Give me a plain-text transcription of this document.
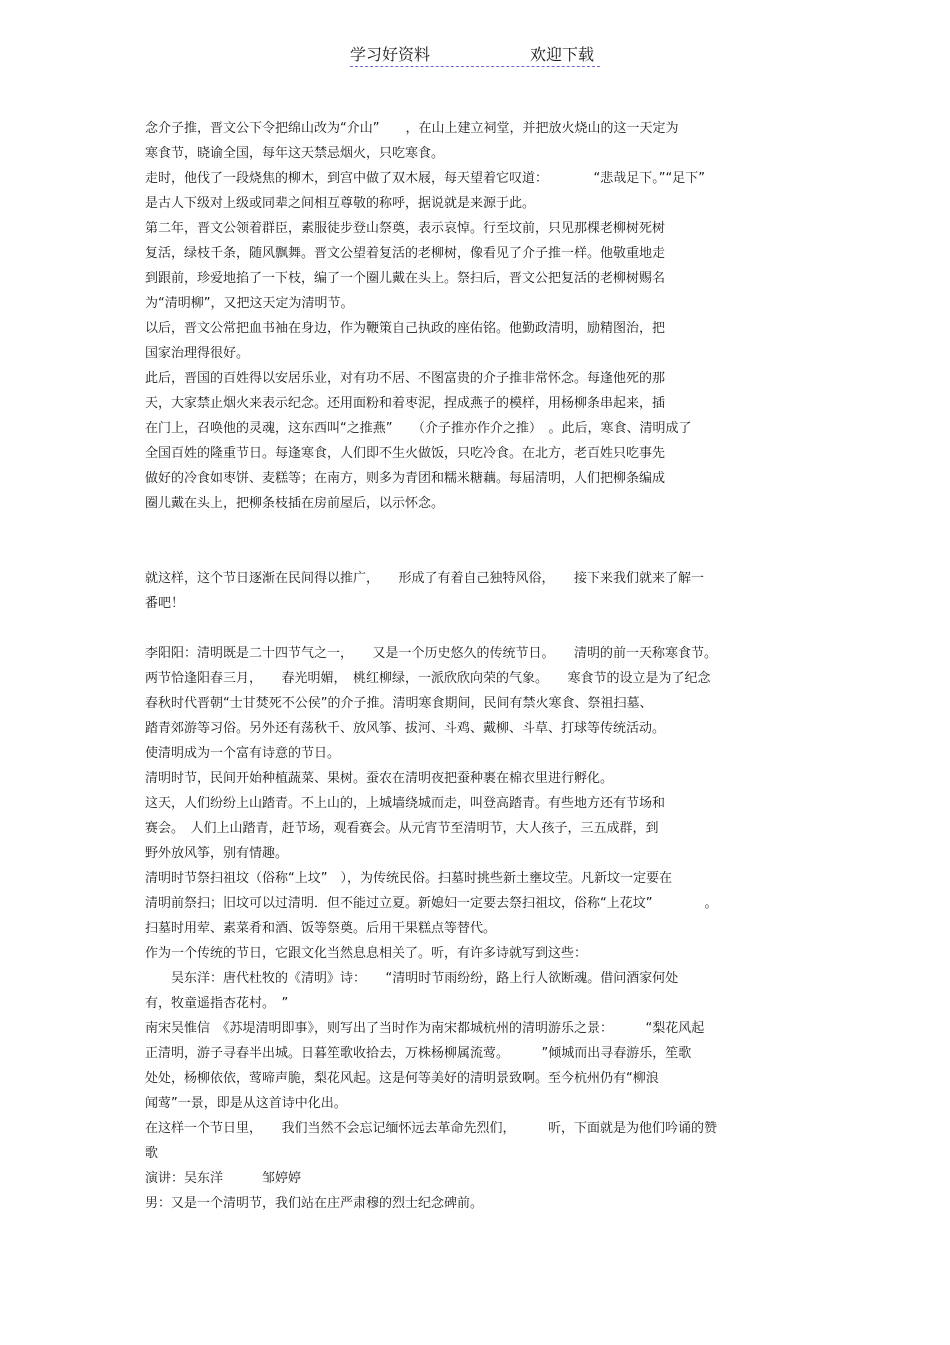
学习好资料	欢迎下载

念介子推，晋文公下令把绵山改为“介山”　　，在山上建立祠堂，并把放火烧山的这一天定为

寒食节，晓谕全国，每年这天禁忌烟火，只吃寒食。

走时，他伐了一段烧焦的柳木，到宫中做了双木屐，每天望着它叹道：　　　　“悲哉足下。”“足下”

是古人下级对上级或同辈之间相互尊敬的称呼，据说就是来源于此。

第二年，晋文公领着群臣，素服徒步登山祭奠，表示哀悼。行至坟前，只见那棵老柳树死树

复活，绿枝千条，随风飘舞。晋文公望着复活的老柳树，像看见了介子推一样。他敬重地走

到跟前，珍爱地掐了一下枝，编了一个圈儿戴在头上。祭扫后，晋文公把复活的老柳树赐名

为“清明柳”，又把这天定为清明节。

以后，晋文公常把血书袖在身边，作为鞭策自己执政的座佑铭。他勤政清明，励精图治，把

国家治理得很好。

此后，晋国的百姓得以安居乐业，对有功不居、不图富贵的介子推非常怀念。每逢他死的那

天，大家禁止烟火来表示纪念。还用面粉和着枣泥，捏成燕子的模样，用杨柳条串起来，插

在门上，召唤他的灵魂，这东西叫“之推燕”　　（介子推亦作介之推）　。此后，寒食、清明成了

全国百姓的隆重节日。每逢寒食，人们即不生火做饭，只吃冷食。在北方，老百姓只吃事先

做好的冷食如枣饼、麦糕等；在南方，则多为青团和糯米糖藕。每届清明，人们把柳条编成

圈儿戴在头上，把柳条枝插在房前屋后，以示怀念。

就这样，这个节日逐渐在民间得以推广，　　形成了有着自己独特风俗，　　接下来我们就来了解一

番吧！

李阳阳：清明既是二十四节气之一，　　又是一个历史悠久的传统节日。　　清明的前一天称寒食节。

两节恰逢阳春三月，　　春光明媚，　桃红柳绿，一派欣欣向荣的气象。　　寒食节的设立是为了纪念

春秋时代晋朝“士甘焚死不公侯”的介子推。清明寒食期间，民间有禁火寒食、祭祖扫墓、

踏青郊游等习俗。另外还有荡秋千、放风筝、拔河、斗鸡、戴柳、斗草、打球等传统活动。

使清明成为一个富有诗意的节日。

清明时节，民间开始种植蔬菜、果树。蚕农在清明夜把蚕种裹在棉衣里进行孵化。

这天，人们纷纷上山踏青。不上山的，上城墙绕城而走，叫登高踏青。有些地方还有节场和

赛会。　人们上山踏青，赶节场，观看赛会。从元宵节至清明节，大人孩子，三五成群，到

野外放风筝，别有情趣。

清明时节祭扫祖坟（俗称“上坟”　），为传统民俗。扫墓时挑些新土壅坟茔。凡新坟一定要在

清明前祭扫；旧坟可以过清明．但不能过立夏。新媳妇一定要去祭扫祖坟，俗称“上花坟”　　　　。

扫墓时用荤、素菜肴和酒、饭等祭奠。后用干果糕点等替代。

作为一个传统的节日，它跟文化当然息息相关了。听，有许多诗就写到这些：

　　吴东洋：唐代杜牧的《清明》诗：　　“清明时节雨纷纷，路上行人欲断魂。借问酒家何处

有，牧童遥指杏花村。　”

南宋吴惟信　《苏堤清明即事》，则写出了当时作为南宋都城杭州的清明游乐之景：　　　“梨花风起

正清明，游子寻春半出城。日暮笙歌收拾去，万株杨柳属流莺。　　　”倾城而出寻春游乐，笙歌

处处，杨柳依依，莺啼声脆，梨花风起。这是何等美好的清明景致啊。至今杭州仍有“柳浪

闻莺”一景，即是从这首诗中化出。

在这样一个节日里，　　我们当然不会忘记缅怀远去革命先烈们，　　　听，下面就是为他们吟诵的赞

歌

演讲：吴东洋　　　邹婷婷

男：又是一个清明节，我们站在庄严肃穆的烈士纪念碑前。
